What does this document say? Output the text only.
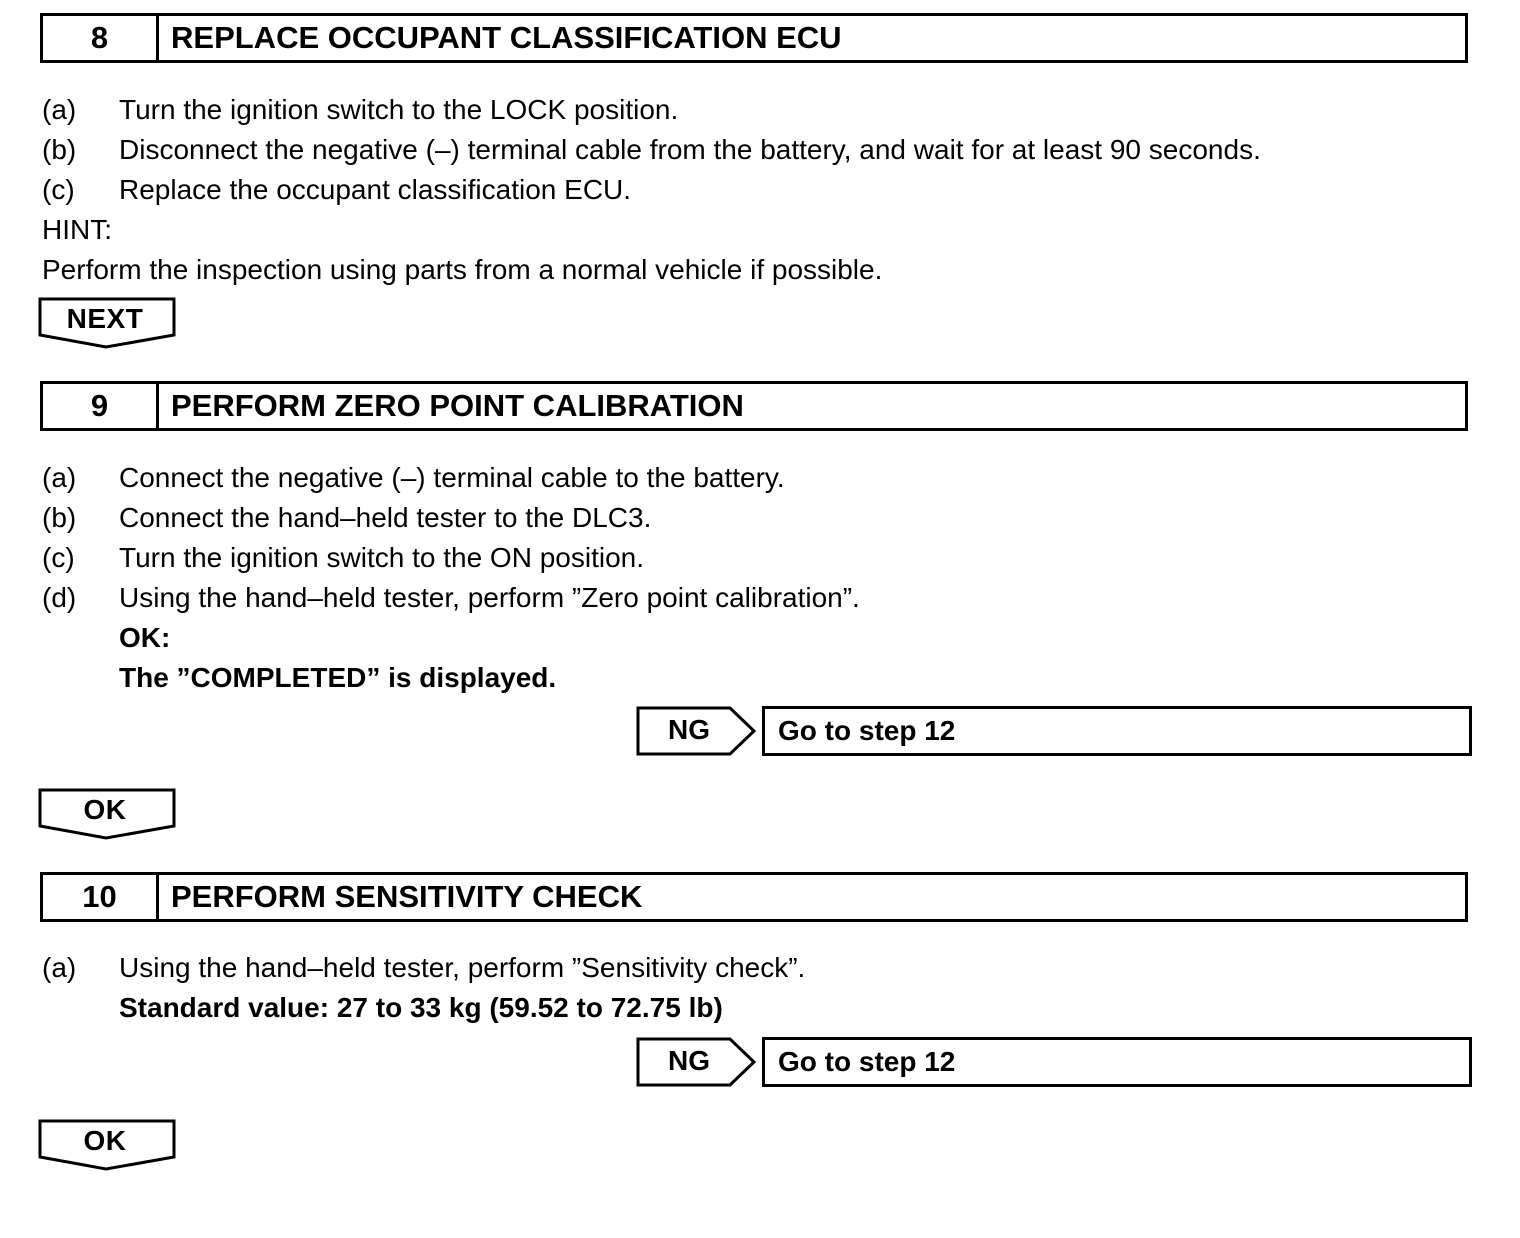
8	REPLACE OCCUPANT CLASSIFICATION ECU
(a) Turn the ignition switch to the LOCK position.
(b) Disconnect the negative (–) terminal cable from the battery, and wait for at least 90 seconds.
(c) Replace the occupant classification ECU.
HINT:
Perform the inspection using parts from a normal vehicle if possible.
NEXT
9	PERFORM ZERO POINT CALIBRATION
(a) Connect the negative (–) terminal cable to the battery.
(b) Connect the hand–held tester to the DLC3.
(c) Turn the ignition switch to the ON position.
(d) Using the hand–held tester, perform ”Zero point calibration”.
OK:
The ”COMPLETED” is displayed.
NG	Go to step 12
OK
10	PERFORM SENSITIVITY CHECK
(a) Using the hand–held tester, perform ”Sensitivity check”.
Standard value: 27 to 33 kg (59.52 to 72.75 lb)
NG	Go to step 12
OK
